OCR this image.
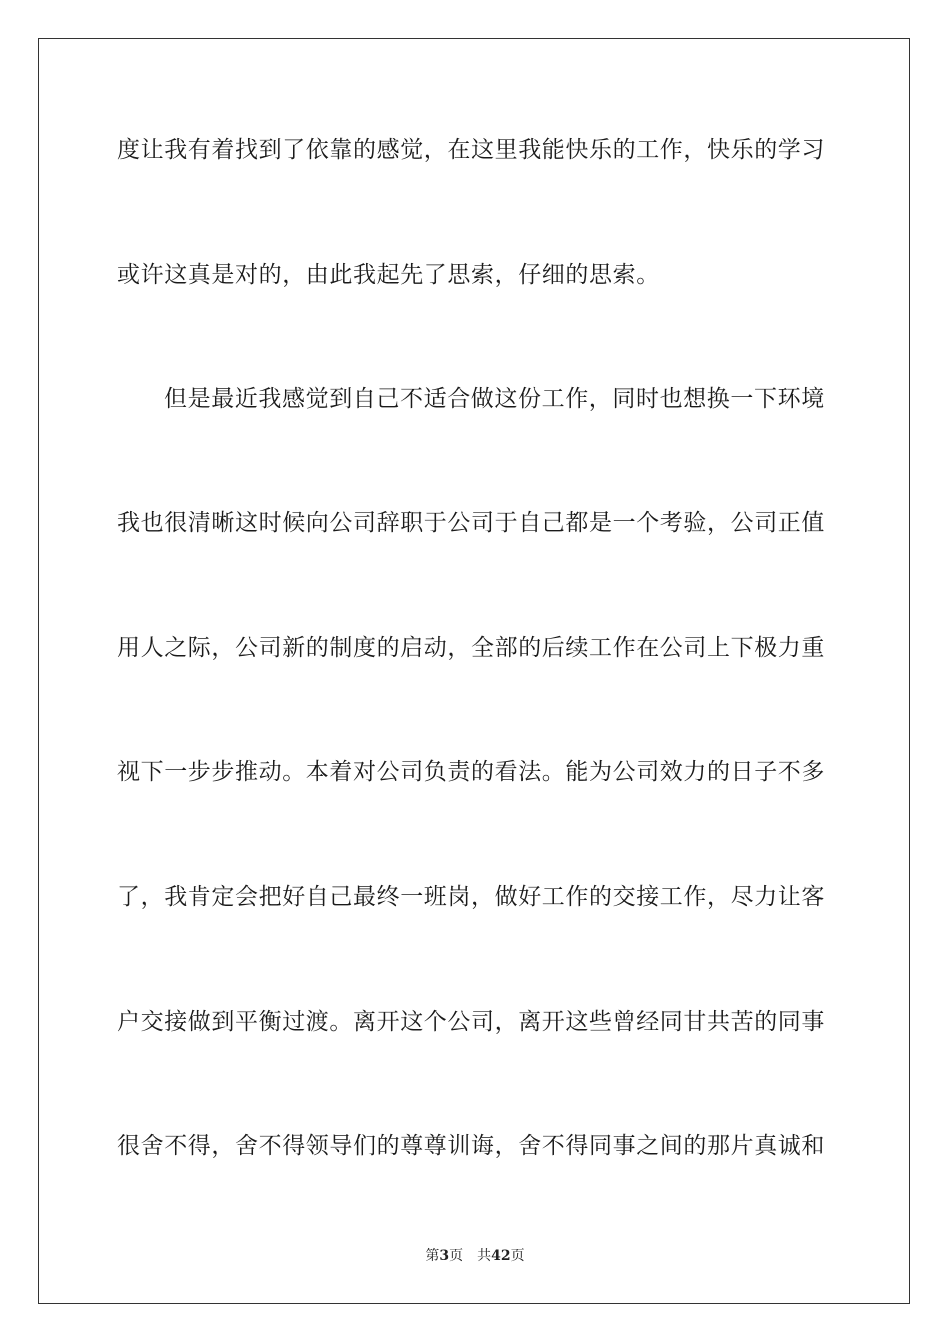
度让我有着找到了依靠的感觉，在这里我能快乐的工作，快乐的学习
或许这真是对的，由此我起先了思索，仔细的思索。
但是最近我感觉到自己不适合做这份工作，同时也想换一下环境
我也很清晰这时候向公司辞职于公司于自己都是一个考验，公司正值
用人之际，公司新的制度的启动，全部的后续工作在公司上下极力重
视下一步步推动。本着对公司负责的看法。能为公司效力的日子不多
了，我肯定会把好自己最终一班岗，做好工作的交接工作，尽力让客
户交接做到平衡过渡。离开这个公司，离开这些曾经同甘共苦的同事
很舍不得，舍不得领导们的尊尊训诲，舍不得同事之间的那片真诚和
第3页 共42页
